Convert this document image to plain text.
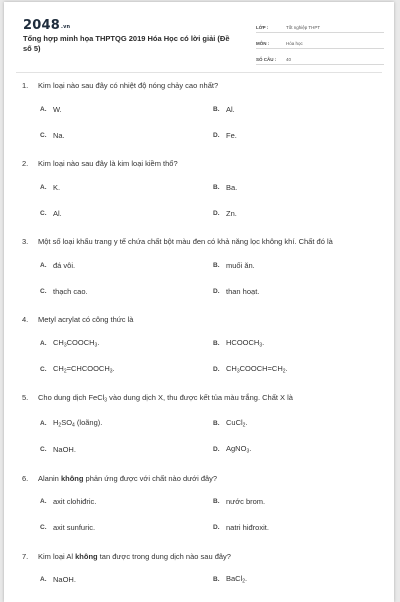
2048.vn
Tổng hợp minh họa THPTQG 2019 Hóa Học có lời giải (Đề số 5)
LỚP :	Tốt nghiệp THPT
MÔN :	Hóa học
SỐ CÂU :	40
1.	Kim loại nào sau đây có nhiệt độ nóng chảy cao nhất?
A. W.	B. Al.
C. Na.	D. Fe.
2.	Kim loại nào sau đây là kim loại kiềm thổ?
A. K.	B. Ba.
C. Al.	D. Zn.
3.	Một số loại khẩu trang y tế chứa chất bột màu đen có khả năng lọc không khí. Chất đó là
A. đá vôi.	B. muối ăn.
C. thạch cao.	D. than hoạt.
4.	Metyl acrylat có công thức là
A. $CH_3COOCH_3$.	B. $HCOOCH_3$.
C. $CH_2=CHCOOCH_3$.	D. $CH_3COOCH=CH_2$.
5.	Cho dung dịch FeCl$_3$ vào dung dịch X, thu được kết tủa màu trắng. Chất X là
A. $H_2SO_4$ (loãng).	B. CuCl$_2$.
C. NaOH.	D. AgNO$_3$.
6.	Alanin không phản ứng được với chất nào dưới đây?
A. axit clohiđric.	B. nước brom.
C. axit sunfuric.	D. natri hiđroxit.
7.	Kim loại Al không tan được trong dung dịch nào sau đây?
A. NaOH.	B. BaCl$_2$.
